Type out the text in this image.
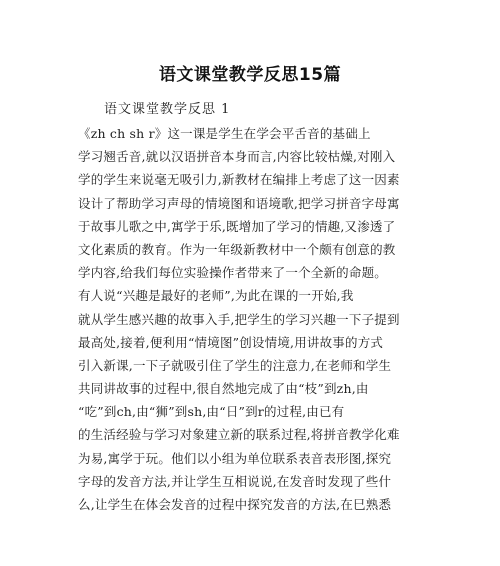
语文课堂教学反思15篇
语文课堂教学反思 1
《zh ch sh r》这一课是学生在学会平舌音的基础上
学习翘舌音,就以汉语拼音本身而言,内容比较枯燥,对刚入
学的学生来说毫无吸引力,新教材在编排上考虑了这一因素
设计了帮助学习声母的情境图和语境歌,把学习拼音字母寓
于故事儿歌之中,寓学于乐,既增加了学习的情趣,又渗透了
文化素质的教育。作为一年级新教材中一个颇有创意的教
学内容,给我们每位实验操作者带来了一个全新的命题。
有人说“兴趣是最好的老师”,为此在课的一开始,我
就从学生感兴趣的故事入手,把学生的学习兴趣一下子提到
最高处,接着,便利用“情境图”创设情境,用讲故事的方式
引入新课,一下子就吸引住了学生的注意力,在老师和学生
共同讲故事的过程中,很自然地完成了由“枝”到zh,由
“吃”到ch,由“狮”到sh,由“日”到r的过程,由已有
的生活经验与学习对象建立新的联系过程,将拼音教学化难
为易,寓学于玩。他们以小组为单位联系表音表形图,探究
字母的发音方法,并让学生互相说说,在发音时发现了些什
么,让学生在体会发音的过程中探究发音的方法,在巳熟悉
